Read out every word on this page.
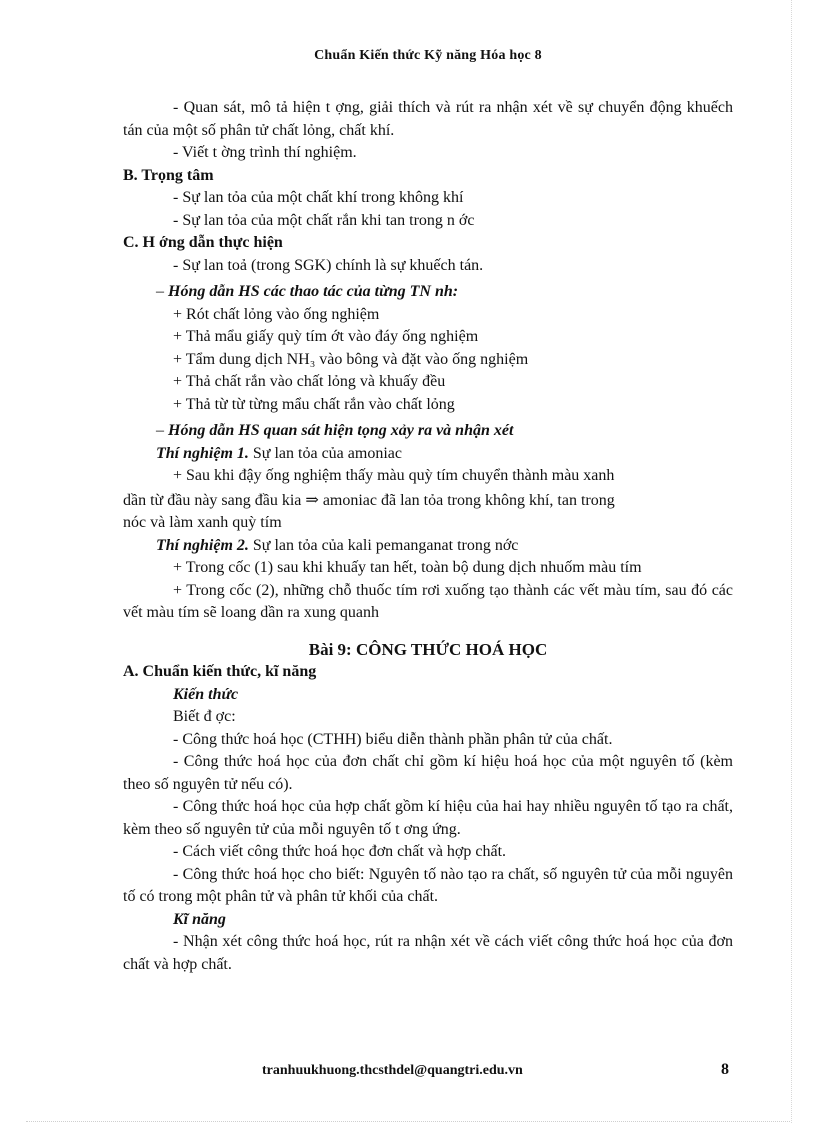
Chuẩn Kiến thức Kỹ năng Hóa học 8

- Quan sát, mô tả hiện t ợng, giải thích và rút ra nhận xét về sự chuyển động khuếch tán của một số phân tử chất lỏng, chất khí.

- Viết t ờng trình thí nghiệm.

B. Trọng tâm

- Sự lan tỏa của một chất khí trong không khí

- Sự lan tỏa của một chất rắn khi tan trong n ớc

C. H ớng dẫn thực hiện

- Sự lan toả (trong SGK) chính là sự khuếch tán.

– Hóng dẫn HS các thao tác của từng TN nh:

+ Rót chất lỏng vào ống nghiệm

+ Thả mẩu giấy quỳ tím ớt vào đáy ống nghiệm

+ Tẩm dung dịch NH₃ vào bông và đặt vào ống nghiệm

+ Thả chất rắn vào chất lỏng và khuấy đều

+ Thả từ từ từng mẩu chất rắn vào chất lỏng

– Hóng dẫn HS quan sát hiện tọng xảy ra và nhận xét

Thí nghiệm 1. Sự lan tỏa của amoniac

+ Sau khi đậy ống nghiệm thấy màu quỳ tím chuyển thành màu xanh

dần từ đầu này sang đầu kia ⇒ amoniac đã lan tỏa trong không khí, tan trong

nóc và làm xanh quỳ tím

Thí nghiệm 2. Sự lan tỏa của kali pemanganat trong nớc

+ Trong cốc (1) sau khi khuấy tan hết, toàn bộ dung dịch nhuốm màu tím

+ Trong cốc (2), những chỗ thuốc tím rơi xuống tạo thành các vết màu tím, sau đó các vết màu tím sẽ loang dần ra xung quanh

Bài 9: CÔNG THỨC HOÁ HỌC

A. Chuẩn kiến thức, kĩ năng

Kiến thức

Biết đ ợc:

- Công thức hoá học (CTHH) biểu diễn thành phần phân tử của chất.

- Công thức hoá học của đơn chất chỉ gồm kí hiệu hoá học của một nguyên tố (kèm theo số nguyên tử nếu có).

- Công thức hoá học của hợp chất gồm kí hiệu của hai hay nhiều nguyên tố tạo ra chất, kèm theo số nguyên tử của mỗi nguyên tố t ơng ứng.

- Cách viết công thức hoá học đơn chất và hợp chất.

- Công thức hoá học cho biết: Nguyên tố nào tạo ra chất, số nguyên tử của mỗi nguyên tố có trong một phân tử và phân tử khối của chất.

Kĩ năng

- Nhận xét công thức hoá học, rút ra nhận xét về cách viết công thức hoá học của đơn chất và hợp chất.

tranhuukhuong.thcsthdel@quangtri.edu.vn	8
